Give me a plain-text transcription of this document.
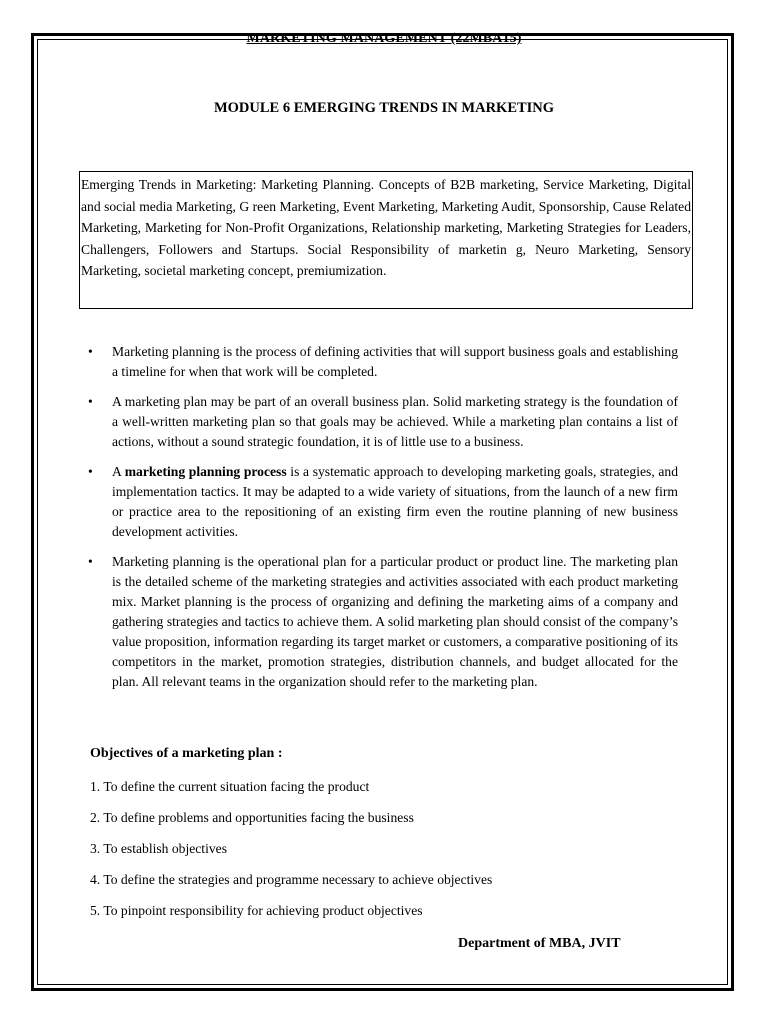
MARKETING MANAGEMENT (22MBA15)
MODULE 6 EMERGING TRENDS IN MARKETING
Emerging Trends in Marketing: Marketing Planning. Concepts of B2B marketing, Service Marketing, Digital and social media Marketing, G reen Marketing, Event Marketing, Marketing Audit, Sponsorship, Cause Related Marketing, Marketing for Non-Profit Organizations, Relationship marketing, Marketing Strategies for Leaders, Challengers, Followers and Startups. Social Responsibility of marketin g, Neuro Marketing, Sensory Marketing, societal marketing concept, premiumization.
• Marketing planning is the process of defining activities that will support business goals and establishing a timeline for when that work will be completed.
• A marketing plan may be part of an overall business plan. Solid marketing strategy is the foundation of a well-written marketing plan so that goals may be achieved. While a marketing plan contains a list of actions, without a sound strategic foundation, it is of little use to a business.
• A marketing planning process is a systematic approach to developing marketing goals, strategies, and implementation tactics. It may be adapted to a wide variety of situations, from the launch of a new firm or practice area to the repositioning of an existing firm even the routine planning of new business development activities.
• Marketing planning is the operational plan for a particular product or product line. The marketing plan is the detailed scheme of the marketing strategies and activities associated with each product marketing mix. Market planning is the process of organizing and defining the marketing aims of a company and gathering strategies and tactics to achieve them. A solid marketing plan should consist of the company’s value proposition, information regarding its target market or customers, a comparative positioning of its competitors in the market, promotion strategies, distribution channels, and budget allocated for the plan. All relevant teams in the organization should refer to the marketing plan.
Objectives of a marketing plan :
1. To define the current situation facing the product
2. To define problems and opportunities facing the business
3. To establish objectives
4. To define the strategies and programme necessary to achieve objectives
5. To pinpoint responsibility for achieving product objectives
Department of MBA, JVIT
